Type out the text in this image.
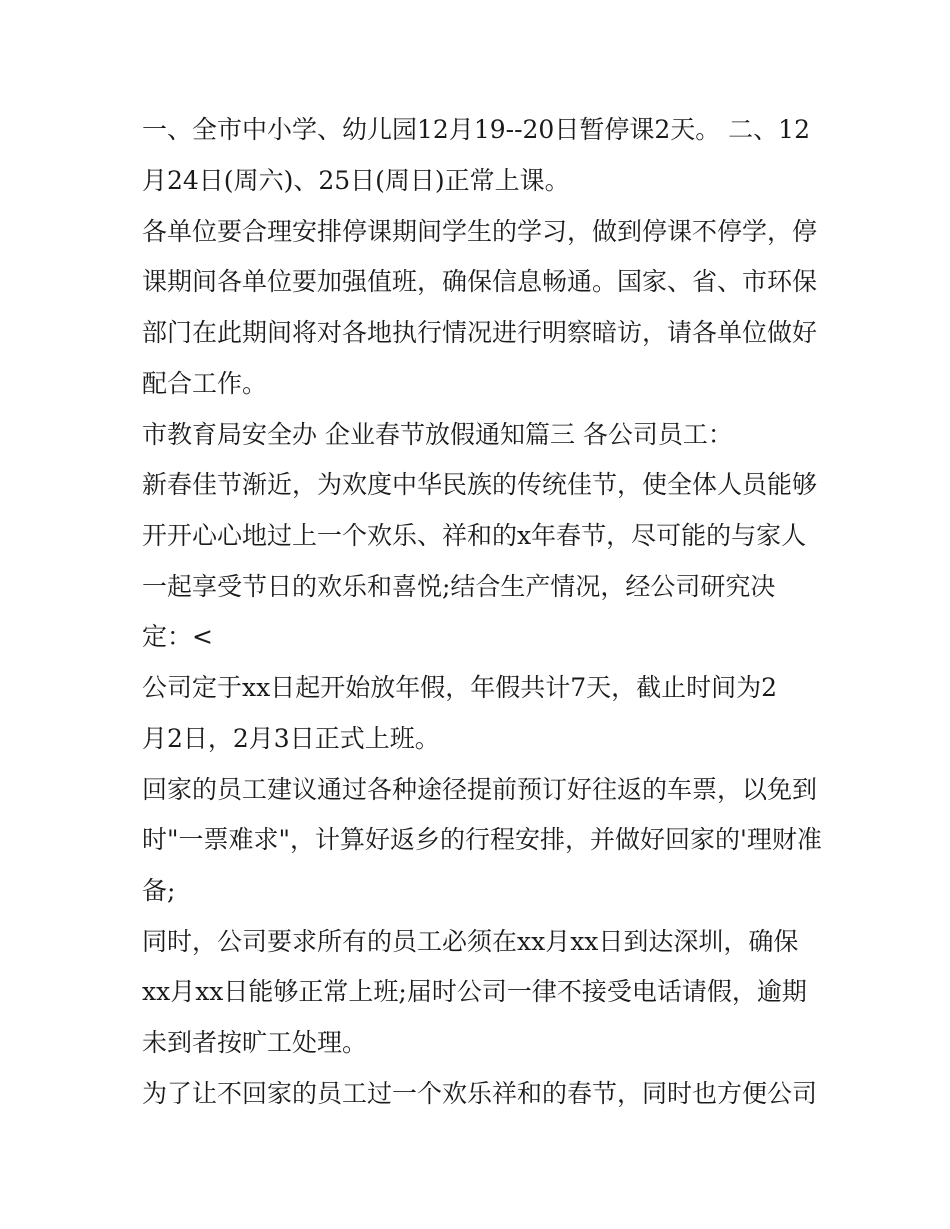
一、全市中小学、幼儿园12月19--20日暂停课2天。 二、12
月24日(周六)、25日(周日)正常上课。
各单位要合理安排停课期间学生的学习，做到停课不停学，停
课期间各单位要加强值班，确保信息畅通。国家、省、市环保
部门在此期间将对各地执行情况进行明察暗访，请各单位做好
配合工作。
市教育局安全办 企业春节放假通知篇三 各公司员工：
新春佳节渐近，为欢度中华民族的传统佳节，使全体人员能够
开开心心地过上一个欢乐、祥和的x年春节，尽可能的与家人
一起享受节日的欢乐和喜悦;结合生产情况，经公司研究决
定：<
公司定于xx日起开始放年假，年假共计7天，截止时间为2
月2日，2月3日正式上班。
回家的员工建议通过各种途径提前预订好往返的车票，以免到
时"一票难求"，计算好返乡的行程安排，并做好回家的'理财准
备;
同时，公司要求所有的员工必须在xx月xx日到达深圳，确保
xx月xx日能够正常上班;届时公司一律不接受电话请假，逾期
未到者按旷工处理。
为了让不回家的员工过一个欢乐祥和的春节，同时也方便公司
